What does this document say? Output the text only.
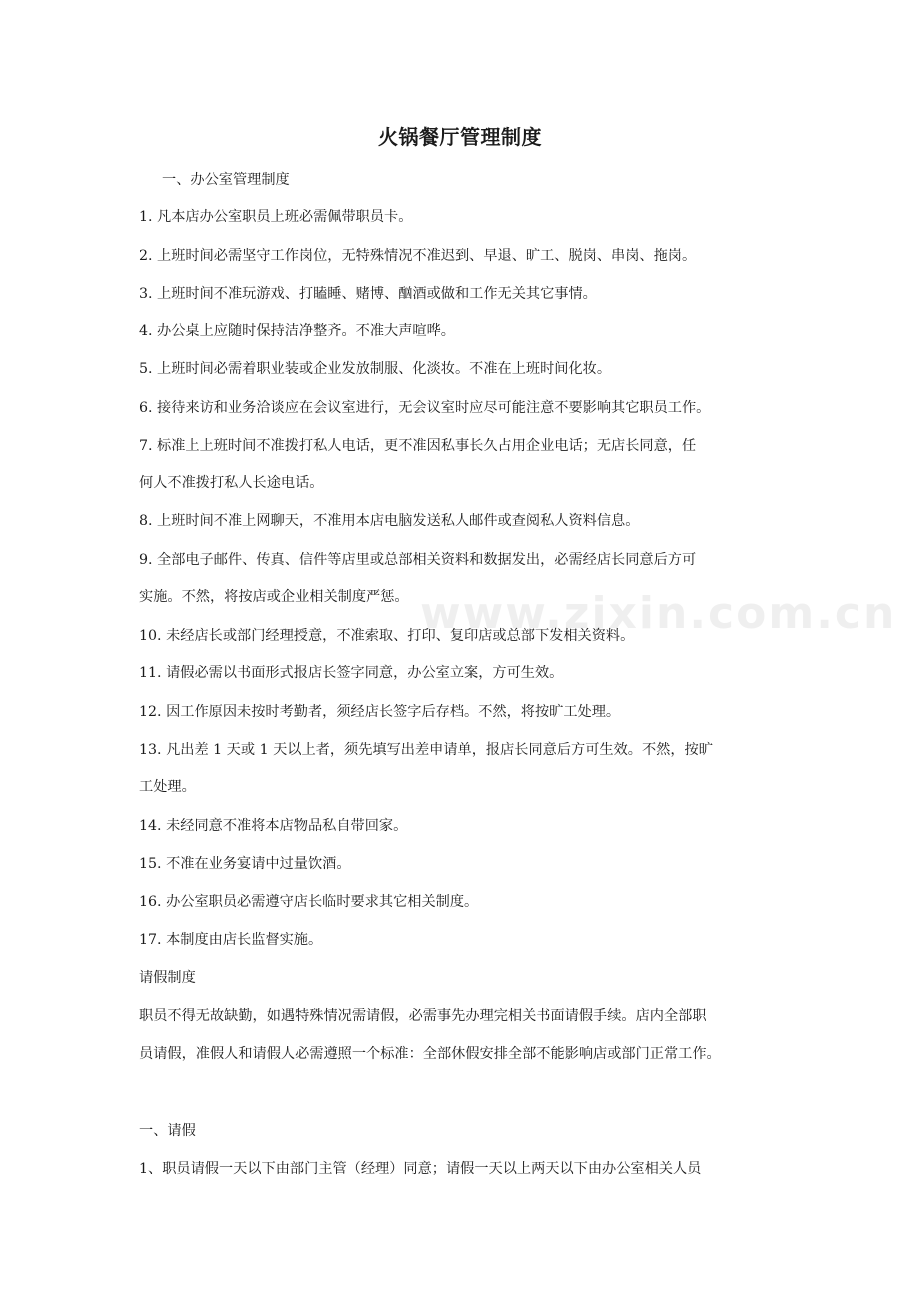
www.zixin.com.cn
火锅餐厅管理制度
一、办公室管理制度
1. 凡本店办公室职员上班必需佩带职员卡。
2. 上班时间必需坚守工作岗位，无特殊情况不准迟到、早退、旷工、脱岗、串岗、拖岗。
3. 上班时间不准玩游戏、打瞌睡、赌博、酗酒或做和工作无关其它事情。
4. 办公桌上应随时保持洁净整齐。不准大声喧哗。
5. 上班时间必需着职业装或企业发放制服、化淡妆。不准在上班时间化妆。
6. 接待来访和业务洽谈应在会议室进行，无会议室时应尽可能注意不要影响其它职员工作。
7. 标准上上班时间不准拨打私人电话，更不准因私事长久占用企业电话；无店长同意，任
何人不准拨打私人长途电话。
8. 上班时间不准上网聊天，不准用本店电脑发送私人邮件或查阅私人资料信息。
9. 全部电子邮件、传真、信件等店里或总部相关资料和数据发出，必需经店长同意后方可
实施。不然，将按店或企业相关制度严惩。
10. 未经店长或部门经理授意，不准索取、打印、复印店或总部下发相关资料。
11. 请假必需以书面形式报店长签字同意，办公室立案，方可生效。
12. 因工作原因未按时考勤者，须经店长签字后存档。不然，将按旷工处理。
13. 凡出差 1 天或 1 天以上者，须先填写出差申请单，报店长同意后方可生效。不然，按旷
工处理。
14. 未经同意不准将本店物品私自带回家。
15. 不准在业务宴请中过量饮酒。
16. 办公室职员必需遵守店长临时要求其它相关制度。
17. 本制度由店长监督实施。
请假制度
职员不得无故缺勤，如遇特殊情况需请假，必需事先办理完相关书面请假手续。店内全部职
员请假，准假人和请假人必需遵照一个标准：全部休假安排全部不能影响店或部门正常工作。
一、请假
1、职员请假一天以下由部门主管（经理）同意；请假一天以上两天以下由办公室相关人员
